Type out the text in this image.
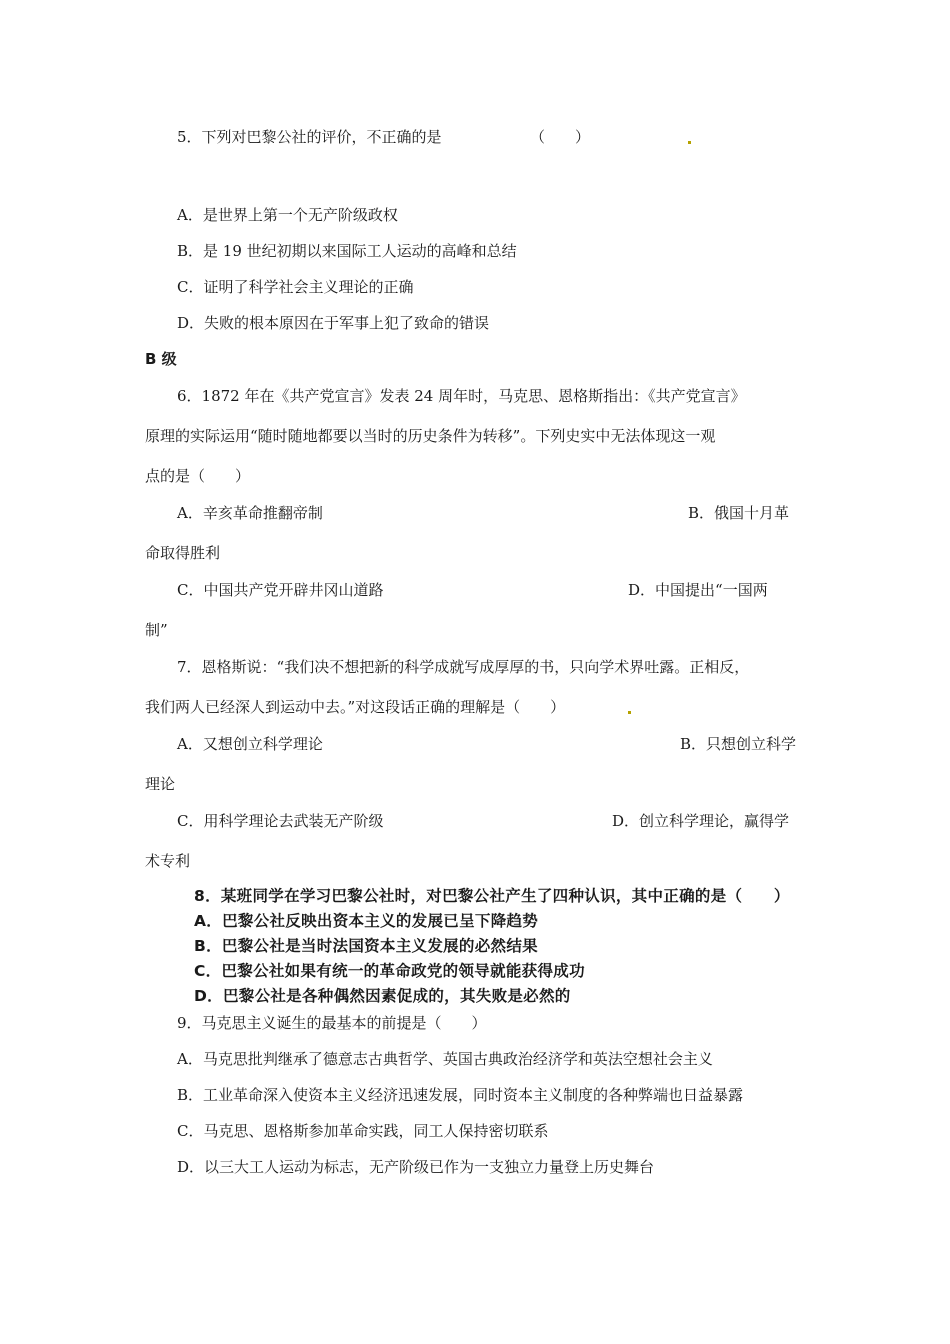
5．下列对巴黎公社的评价，不正确的是	（　　）
A．是世界上第一个无产阶级政权
B．是 19 世纪初期以来国际工人运动的高峰和总结
C．证明了科学社会主义理论的正确
D．失败的根本原因在于军事上犯了致命的错误
B 级
6．1872 年在《共产党宣言》发表 24 周年时，马克思、恩格斯指出：《共产党宣言》
原理的实际运用“随时随地都要以当时的历史条件为转移”。下列史实中无法体现这一观
点的是（　　）
A．辛亥革命推翻帝制	B．俄国十月革
命取得胜利
C．中国共产党开辟井冈山道路	D．中国提出“一国两
制”
7．恩格斯说：“我们决不想把新的科学成就写成厚厚的书，只向学术界吐露。正相反，
我们两人已经深人到运动中去。”对这段话正确的理解是（　　）
A．又想创立科学理论	B．只想创立科学
理论
C．用科学理论去武装无产阶级	D．创立科学理论，赢得学
术专利
8．某班同学在学习巴黎公社时，对巴黎公社产生了四种认识，其中正确的是（　　）
A．巴黎公社反映出资本主义的发展已呈下降趋势
B．巴黎公社是当时法国资本主义发展的必然结果
C．巴黎公社如果有统一的革命政党的领导就能获得成功
D．巴黎公社是各种偶然因素促成的，其失败是必然的
9．马克思主义诞生的最基本的前提是（　　）
A．马克思批判继承了德意志古典哲学、英国古典政治经济学和英法空想社会主义
B．工业革命深入使资本主义经济迅速发展，同时资本主义制度的各种弊端也日益暴露
C．马克思、恩格斯参加革命实践，同工人保持密切联系
D．以三大工人运动为标志，无产阶级已作为一支独立力量登上历史舞台
